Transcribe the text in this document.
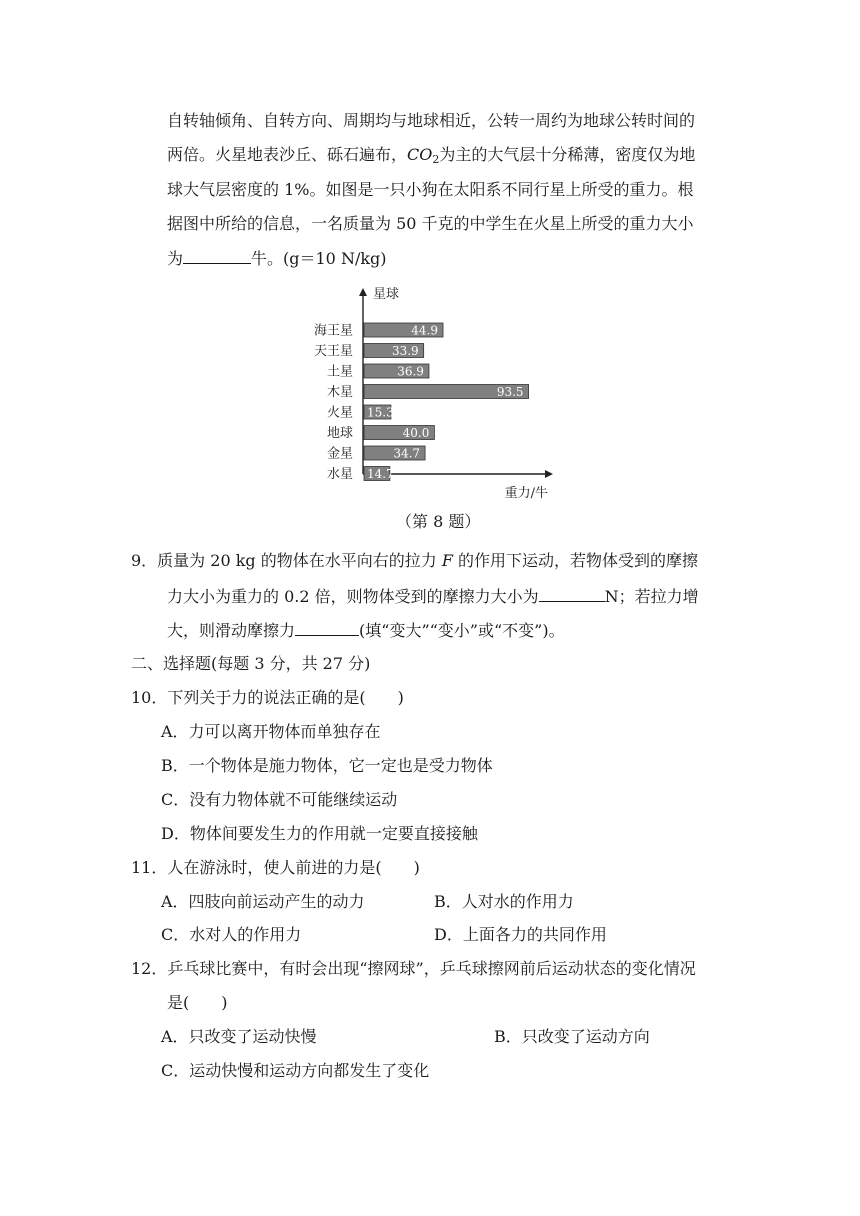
自转轴倾角、自转方向、周期均与地球相近，公转一周约为地球公转时间的
两倍。火星地表沙丘、砾石遍布，$CO_2$为主的大气层十分稀薄，密度仅为地
球大气层密度的 1%。如图是一只小狗在太阳系不同行星上所受的重力。根
据图中所给的信息，一名质量为 50 千克的中学生在火星上所受的重力大小
为	牛。(g＝10 N/kg)
星球
重力/牛
海王星	44.9
天王星	33.9
土星	36.9
木星	93.5
火星 15.3
地球	40.0
金星	34.7
水星 14.7
（第 8 题）
9．质量为 20 kg 的物体在水平向右的拉力 F 的作用下运动，若物体受到的摩擦
力大小为重力的 0.2 倍，则物体受到的摩擦力大小为	N；若拉力增
大，则滑动摩擦力	(填“变大”“变小”或“不变”)。
二、选择题(每题 3 分，共 27 分)
10．下列关于力的说法正确的是(　　)
A．力可以离开物体而单独存在
B．一个物体是施力物体，它一定也是受力物体
C．没有力物体就不可能继续运动
D．物体间要发生力的作用就一定要直接接触
11．人在游泳时，使人前进的力是(　　)
A．四肢向前运动产生的动力	B．人对水的作用力
C．水对人的作用力	D．上面各力的共同作用
12．乒乓球比赛中，有时会出现“擦网球”，乒乓球擦网前后运动状态的变化情况
是(　　)
A．只改变了运动快慢	B．只改变了运动方向
C．运动快慢和运动方向都发生了变化
